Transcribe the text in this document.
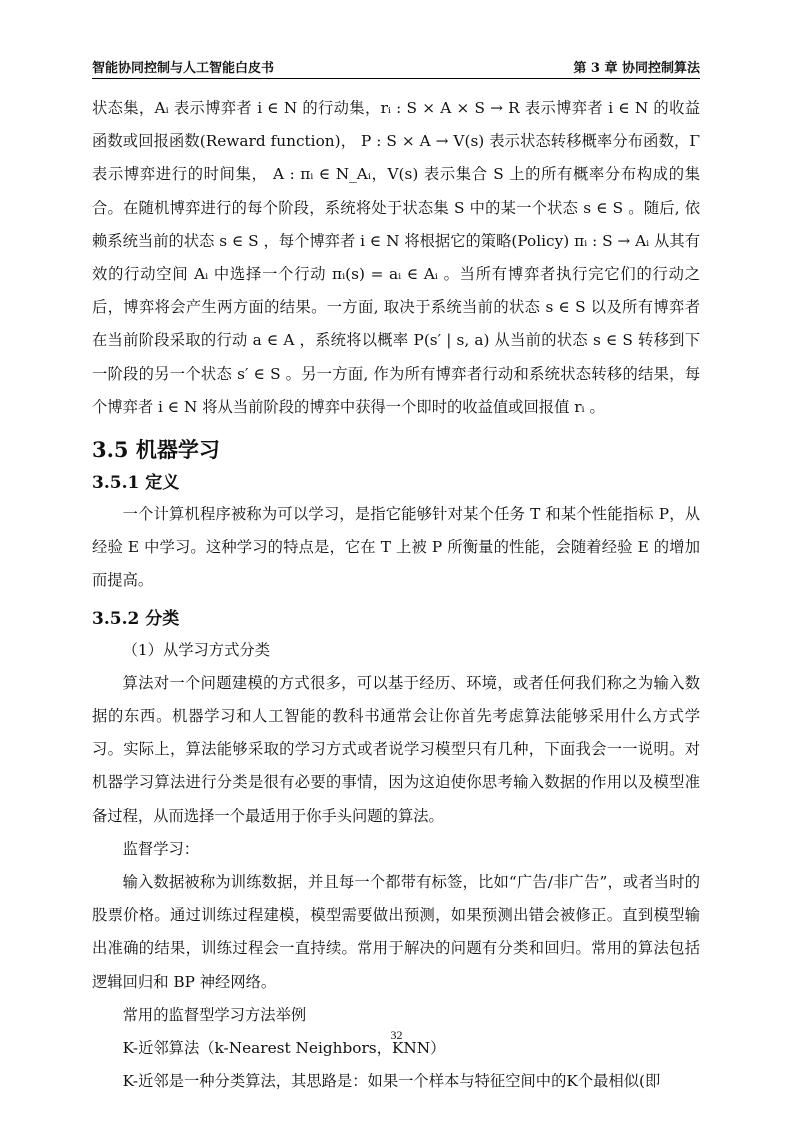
智能协同控制与人工智能白皮书	第 3 章 协同控制算法

状态集，Aᵢ 表示博弈者 i ∈ N 的行动集，rᵢ : S × A × S → R 表示博弈者 i ∈ N 的收益函数或回报函数(Reward function)， P : S × A → V(s) 表示状态转移概率分布函数，Γ 表示博弈进行的时间集， A : πᵢ ∈ N_Aᵢ，V(s) 表示集合 S 上的所有概率分布构成的集合。在随机博弈进行的每个阶段，系统将处于状态集 S 中的某一个状态 s ∈ S 。随后, 依赖系统当前的状态 s ∈ S ，每个博弈者 i ∈ N 将根据它的策略(Policy) πᵢ : S → Aᵢ 从其有效的行动空间 Aᵢ 中选择一个行动 πᵢ(s) = aᵢ ∈ Aᵢ 。当所有博弈者执行完它们的行动之后，博弈将会产生两方面的结果。一方面, 取决于系统当前的状态 s ∈ S 以及所有博弈者在当前阶段采取的行动 a ∈ A ，系统将以概率 P(s′ | s, a) 从当前的状态 s ∈ S 转移到下一阶段的另一个状态 s′ ∈ S 。另一方面, 作为所有博弈者行动和系统状态转移的结果，每个博弈者 i ∈ N 将从当前阶段的博弈中获得一个即时的收益值或回报值 rᵢ 。

3.5 机器学习
3.5.1 定义

一个计算机程序被称为可以学习，是指它能够针对某个任务 T 和某个性能指标 P，从经验 E 中学习。这种学习的特点是，它在 T 上被 P 所衡量的性能，会随着经验 E 的增加而提高。

3.5.2 分类

（1）从学习方式分类

算法对一个问题建模的方式很多，可以基于经历、环境，或者任何我们称之为输入数据的东西。机器学习和人工智能的教科书通常会让你首先考虑算法能够采用什么方式学习。实际上，算法能够采取的学习方式或者说学习模型只有几种，下面我会一一说明。对机器学习算法进行分类是很有必要的事情，因为这迫使你思考输入数据的作用以及模型准备过程，从而选择一个最适用于你手头问题的算法。

监督学习：

输入数据被称为训练数据，并且每一个都带有标签，比如“广告/非广告”，或者当时的股票价格。通过训练过程建模，模型需要做出预测，如果预测出错会被修正。直到模型输出准确的结果，训练过程会一直持续。常用于解决的问题有分类和回归。常用的算法包括逻辑回归和 BP 神经网络。

常用的监督型学习方法举例

K-近邻算法（k-Nearest Neighbors，KNN）

K-近邻是一种分类算法，其思路是：如果一个样本与特征空间中的K个最相似(即

32
